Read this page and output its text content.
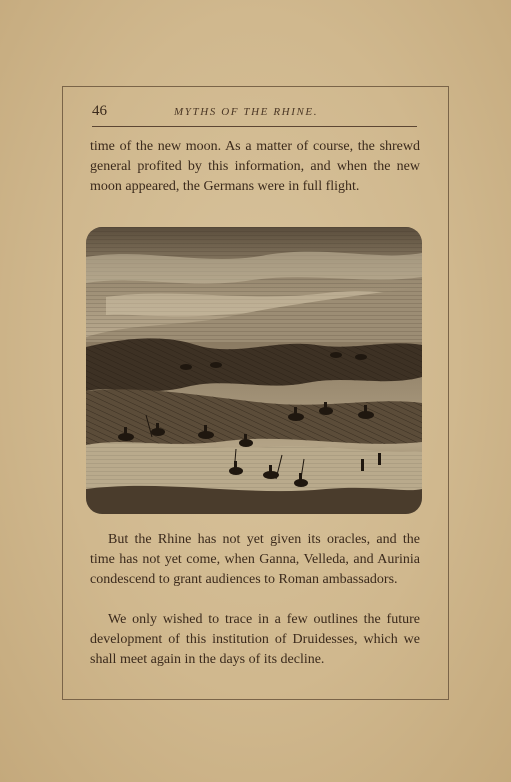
46	MYTHS OF THE RHINE.

time of the new moon. As a matter of course, the shrewd general profited by this information, and when the new moon appeared, the Germans were in full flight.

But the Rhine has not yet given its oracles, and the time has not yet come, when Ganna, Velleda, and Aurinia condescend to grant audiences to Roman ambassadors.

We only wished to trace in a few outlines the future development of this institution of Druidesses, which we shall meet again in the days of its decline.
